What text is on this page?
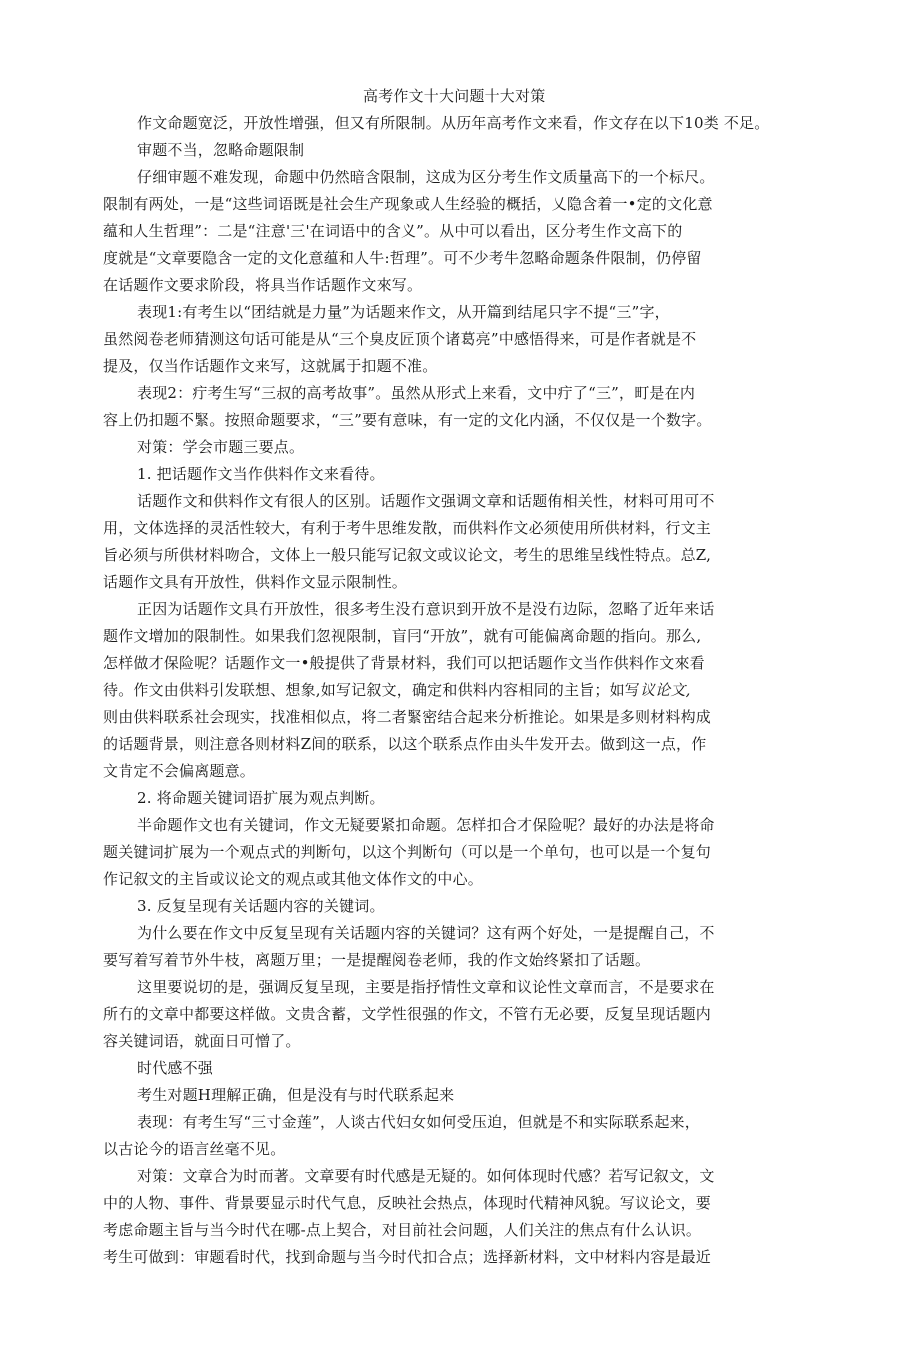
高考作文十大问题十大对策
作文命题宽泛，开放性增强，但又有所限制。从历年高考作文来看，作文存在以下10类 不足。
审题不当，忽略命题限制
仔细审题不难发现，命题中仍然暗含限制，这成为区分考生作文质量高下的一个标尺。
限制有两处，一是“这些词语既是社会生产现象或人生经验的概括，乂隐含着一•定的文化意
蕴和人生哲理”：二是“注意'三'在词语中的含义”。从中可以看出，区分考生作文高下的
度就是“文章要隐含一定的文化意蕴和人牛:哲理”。可不少考牛忽略命题条件限制，仍停留
在话题作文要求阶段，将具当作话题作文來写。
表现1:有考生以“团结就是力量”为话题来作文，从开篇到结尾只字不提“三”字，
虽然阅卷老师猜测这句话可能是从“三个臭皮匠顶个诸葛亮”中感悟得来，可是作者就是不
提及，仅当作话题作文来写，这就属于扣题不准。
表现2：疔考生写“三叔的高考故事”。虽然从形式上来看，文中疔了“三”，町是在内
容上仍扣题不緊。按照命题要求，“三”要有意味，有一定的文化内涵，不仅仅是一个数字。
对策：学会市题三要点。
1. 把话题作文当作供料作文来看待。
话题作文和供料作文有很人的区别。话题作文强调文章和话题侑相关性，材料可用可不
用，文体选择的灵活性较大，有利于考牛思维发散，而供料作文必须使用所供材料，行文主
旨必须与所供材料吻合，文体上一般只能写记叙文或议论文，考生的思维呈线性特点。总Z,
话题作文具有开放性，供料作文显示限制性。
正因为话题作文具冇开放性，很多考生没冇意识到开放不是没冇边际，忽略了近年来话
题作文增加的限制性。如果我们忽视限制，盲冃“开放”，就有可能偏离命题的指向。那么,
怎样做才保险呢？话题作文一•般提供了背景材料，我们可以把话题作文当作供料作文來看
待。作文由供料引发联想、想象,如写记叙文，确定和供料内容相同的主旨；如写议论文,
则由供料联系社会现实，找准相似点，将二者緊密结合起来分析推论。如果是多则材料构成
的话题背景，则注意各则材料Z间的联系，以这个联系点作由头牛发开去。做到这一点，作
文肯定不会偏离题意。
2. 将命题关键词语扩展为观点判断。
半命题作文也有关键词，作文无疑要紧扣命题。怎样扣合才保险呢？最好的办法是将命
题关键词扩展为一个观点式的判断句，以这个判断句（可以是一个单句，也可以是一个复句
作记叙文的主旨或议论文的观点或其他文体作文的中心。
3. 反复呈现有关话题内容的关键词。
为什么要在作文中反复呈现有关话题内容的关键词？这有两个好处，一是提醒自己，不
要写着写着节外牛枝，离题万里；一是提醒阅卷老师，我的作文始终紧扣了话题。
这里要说切的是，强调反复呈现，主要是指抒情性文章和议论性文章而言，不是要求在
所冇的文章中都要这样做。文贵含蓄，文学性很强的作文，不管冇无必要，反复呈现话题内
容关键词语，就面日可憎了。
时代感不强
考生对题H理解正确，但是没有与时代联系起来
表现：有考生写“三寸金莲”，人谈古代妇女如何受压迫，但就是不和实际联系起来，
以古论今的语言丝毫不见。
对策：文章合为时而著。文章要有时代感是无疑的。如何体现时代感？若写记叙文，文
中的人物、事件、背景要显示时代气息，反映社会热点，体现时代精神风貌。写议论文，要
考虑命题主旨与当今时代在哪-点上契合，对目前社会问题，人们关注的焦点有什么认识。
考生可做到：审题看时代，找到命题与当今时代扣合点；选择新材料，文中材料内容是最近
